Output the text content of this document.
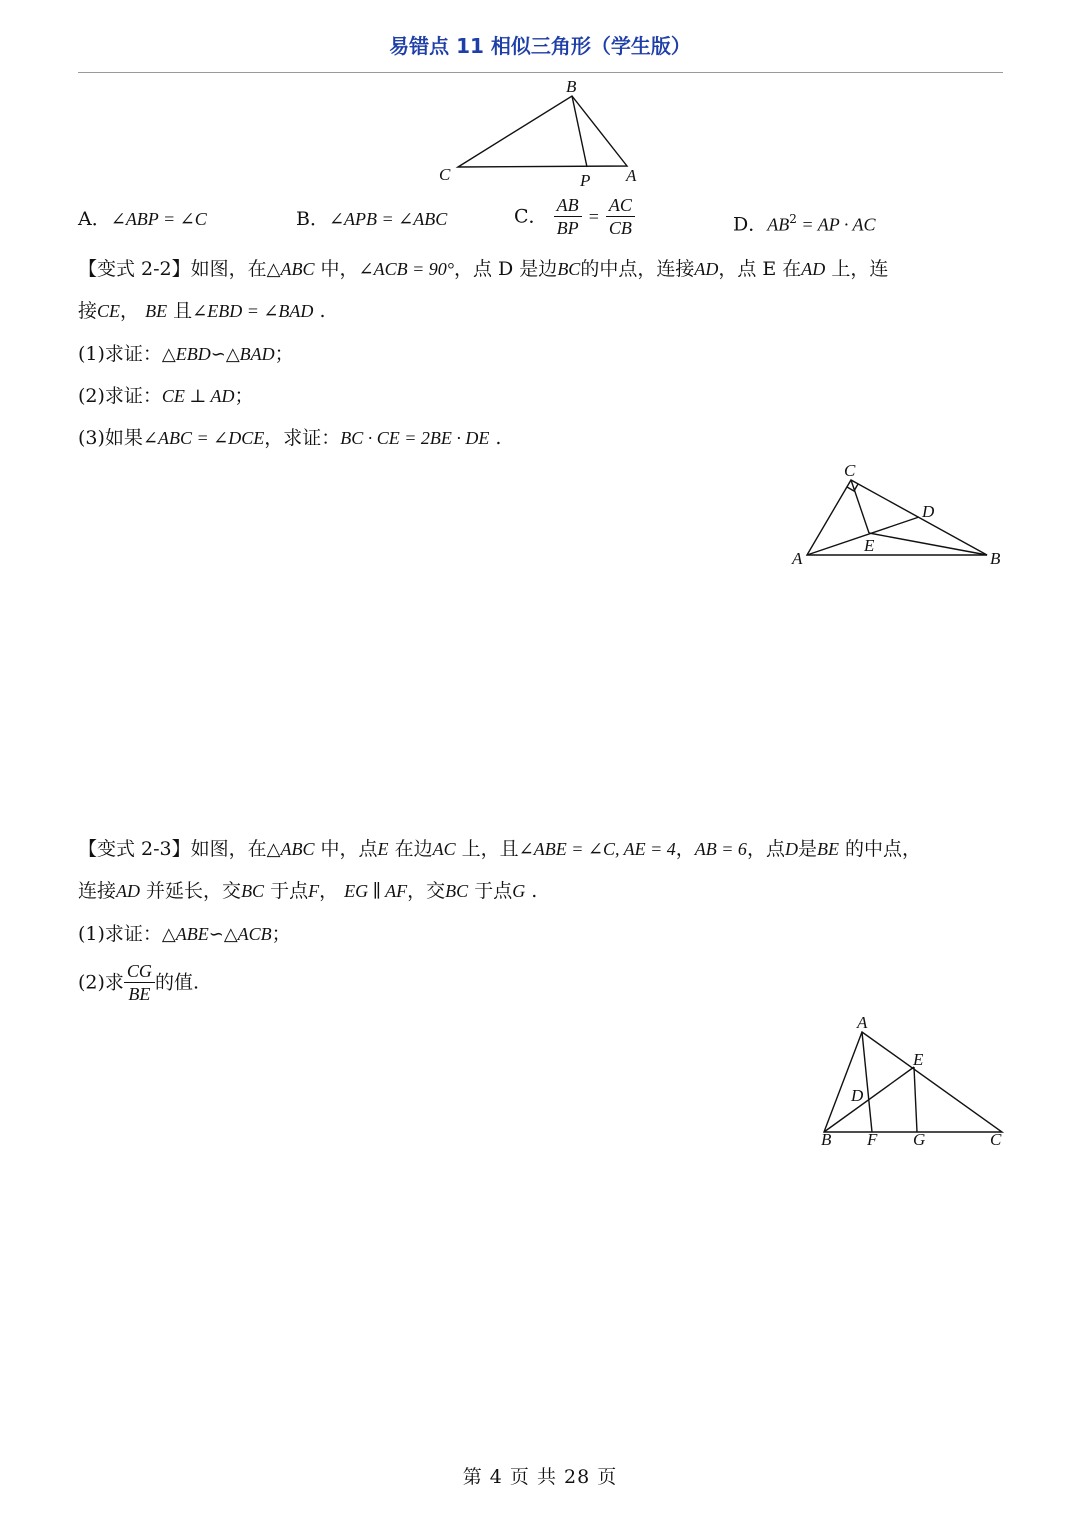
易错点 11 相似三角形（学生版）
B
C	P A
A．∠ABP = ∠C	B．∠APB = ∠ABC	C． $\frac{AB}{BP} = \frac{AC}{CB}$	D．$AB^2$ = AP · AC
【变式 2-2】如图，在△ABC 中，∠ACB = 90°，点 D 是边BC的中点，连接AD，点 E 在AD 上，连
接CE， BE 且∠EBD = ∠BAD .
(1)求证：△EBD∽△BAD；
(2)求证：CE ⊥ AD；
(3)如果∠ABC = ∠DCE，求证：BC · CE = 2BE · DE .
C
D
E
A	B
【变式 2-3】如图，在△ABC 中，点E 在边AC 上，且∠ABE = ∠C, AE = 4，AB = 6，点D是BE 的中点，
连接AD 并延长，交BC 于点F， EG ∥ AF，交BC 于点G .
(1)求证：△ABE∽△ACB；
(2)求 $\frac{CG}{BE}$ 的值.
A
E
D
B F G	C
第 4 页 共 28 页
